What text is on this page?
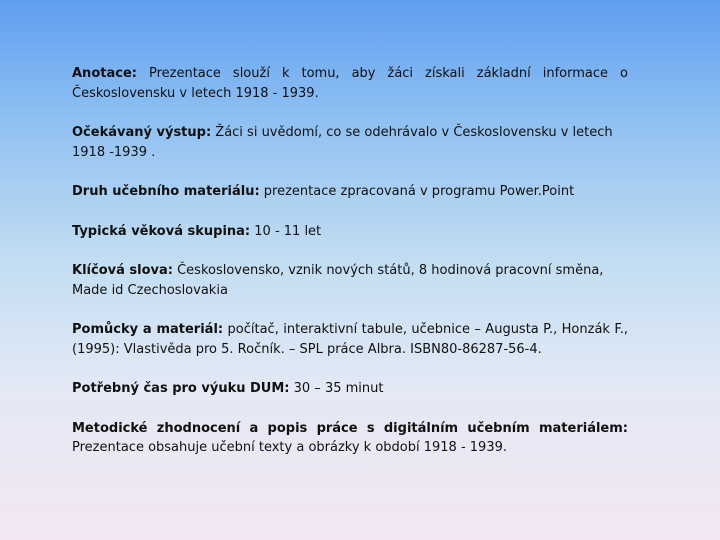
Anotace: Prezentace slouží k tomu, aby žáci získali základní informace o Československu v letech 1918 - 1939.

Očekávaný výstup: Žáci si uvědomí, co se odehrávalo v Československu v letech 1918 -1939 .

Druh učebního materiálu: prezentace zpracovaná v programu Power.Point

Typická věková skupina: 10 - 11 let

Klíčová slova: Československo, vznik nových států, 8 hodinová pracovní směna, Made id Czechoslovakia

Pomůcky a materiál: počítač, interaktivní tabule, učebnice – Augusta P., Honzák F., (1995): Vlastivěda pro 5. Ročník. – SPL práce Albra. ISBN80-86287-56-4.

Potřebný čas pro výuku DUM: 30 – 35 minut

Metodické zhodnocení a popis práce s digitálním učebním materiálem: Prezentace obsahuje učební texty a obrázky k období 1918 - 1939.
